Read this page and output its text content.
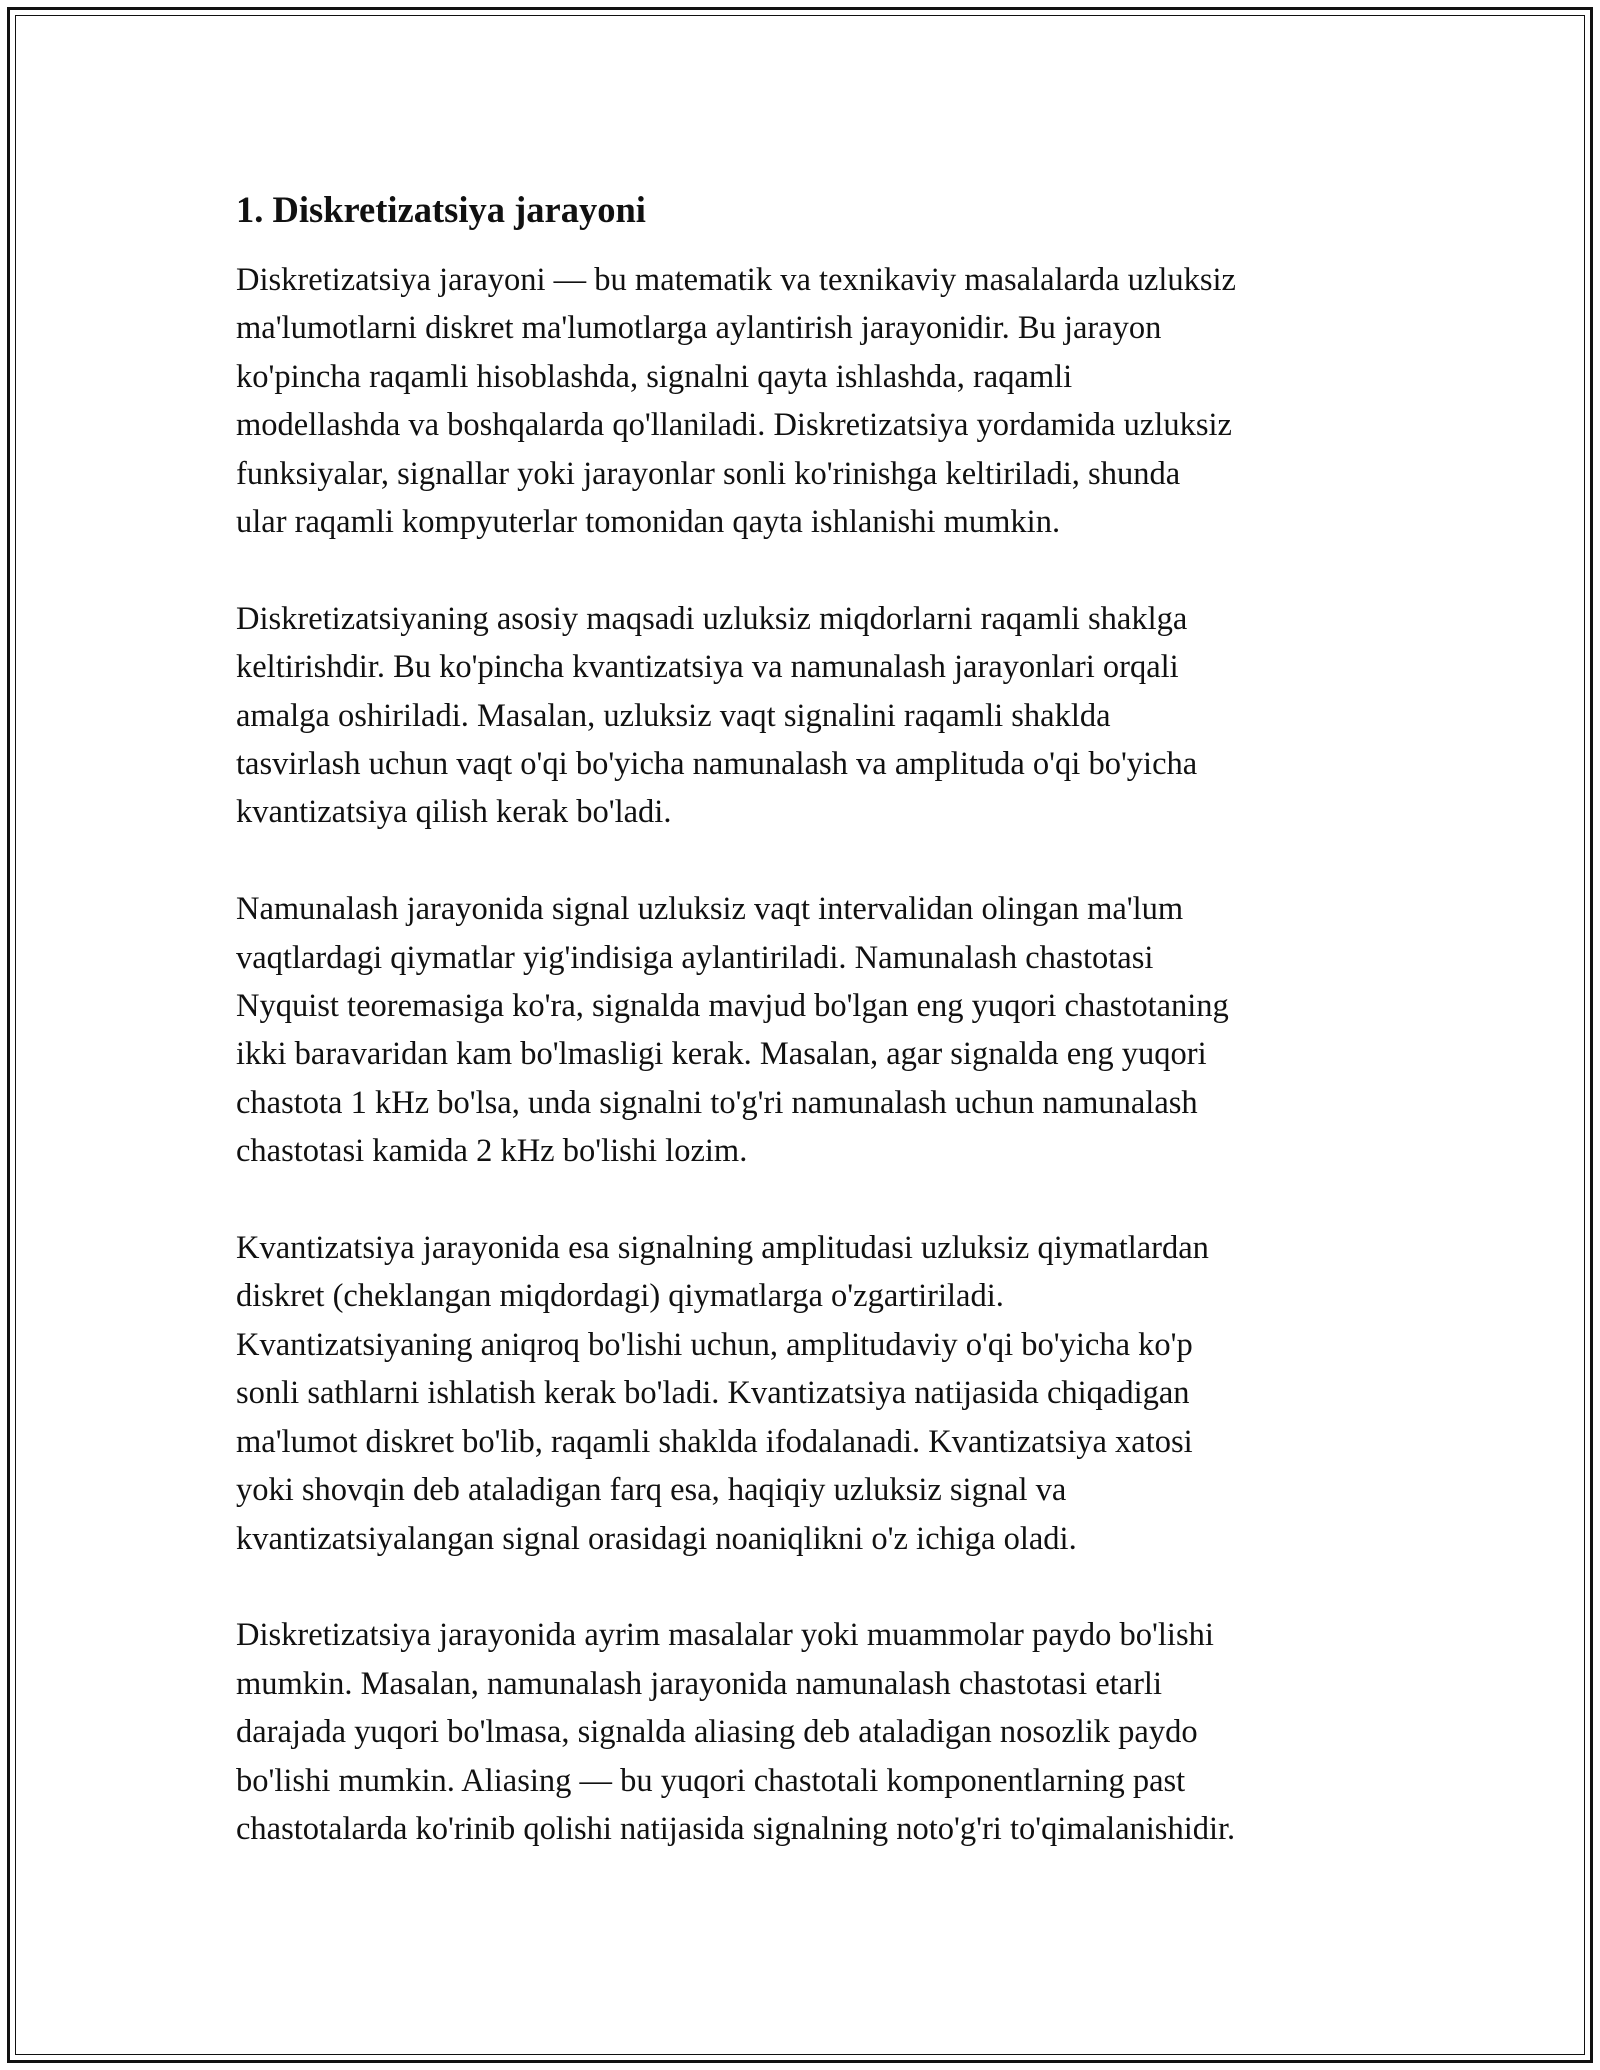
1. Diskretizatsiya jarayoni

Diskretizatsiya jarayoni — bu matematik va texnikaviy masalalarda uzluksiz
ma'lumotlarni diskret ma'lumotlarga aylantirish jarayonidir. Bu jarayon
ko'pincha raqamli hisoblashda, signalni qayta ishlashda, raqamli
modellashda va boshqalarda qo'llaniladi. Diskretizatsiya yordamida uzluksiz
funksiyalar, signallar yoki jarayonlar sonli ko'rinishga keltiriladi, shunda
ular raqamli kompyuterlar tomonidan qayta ishlanishi mumkin.

Diskretizatsiyaning asosiy maqsadi uzluksiz miqdorlarni raqamli shaklga
keltirishdir. Bu ko'pincha kvantizatsiya va namunalash jarayonlari orqali
amalga oshiriladi. Masalan, uzluksiz vaqt signalini raqamli shaklda
tasvirlash uchun vaqt o'qi bo'yicha namunalash va amplituda o'qi bo'yicha
kvantizatsiya qilish kerak bo'ladi.

Namunalash jarayonida signal uzluksiz vaqt intervalidan olingan ma'lum
vaqtlardagi qiymatlar yig'indisiga aylantiriladi. Namunalash chastotasi
Nyquist teoremasiga ko'ra, signalda mavjud bo'lgan eng yuqori chastotaning
ikki baravaridan kam bo'lmasligi kerak. Masalan, agar signalda eng yuqori
chastota 1 kHz bo'lsa, unda signalni to'g'ri namunalash uchun namunalash
chastotasi kamida 2 kHz bo'lishi lozim.

Kvantizatsiya jarayonida esa signalning amplitudasi uzluksiz qiymatlardan
diskret (cheklangan miqdordagi) qiymatlarga o'zgartiriladi.
Kvantizatsiyaning aniqroq bo'lishi uchun, amplitudaviy o'qi bo'yicha ko'p
sonli sathlarni ishlatish kerak bo'ladi. Kvantizatsiya natijasida chiqadigan
ma'lumot diskret bo'lib, raqamli shaklda ifodalanadi. Kvantizatsiya xatosi
yoki shovqin deb ataladigan farq esa, haqiqiy uzluksiz signal va
kvantizatsiyalangan signal orasidagi noaniqlikni o'z ichiga oladi.

Diskretizatsiya jarayonida ayrim masalalar yoki muammolar paydo bo'lishi
mumkin. Masalan, namunalash jarayonida namunalash chastotasi etarli
darajada yuqori bo'lmasa, signalda aliasing deb ataladigan nosozlik paydo
bo'lishi mumkin. Aliasing — bu yuqori chastotali komponentlarning past
chastotalarda ko'rinib qolishi natijasida signalning noto'g'ri to'qimalanishidir.
